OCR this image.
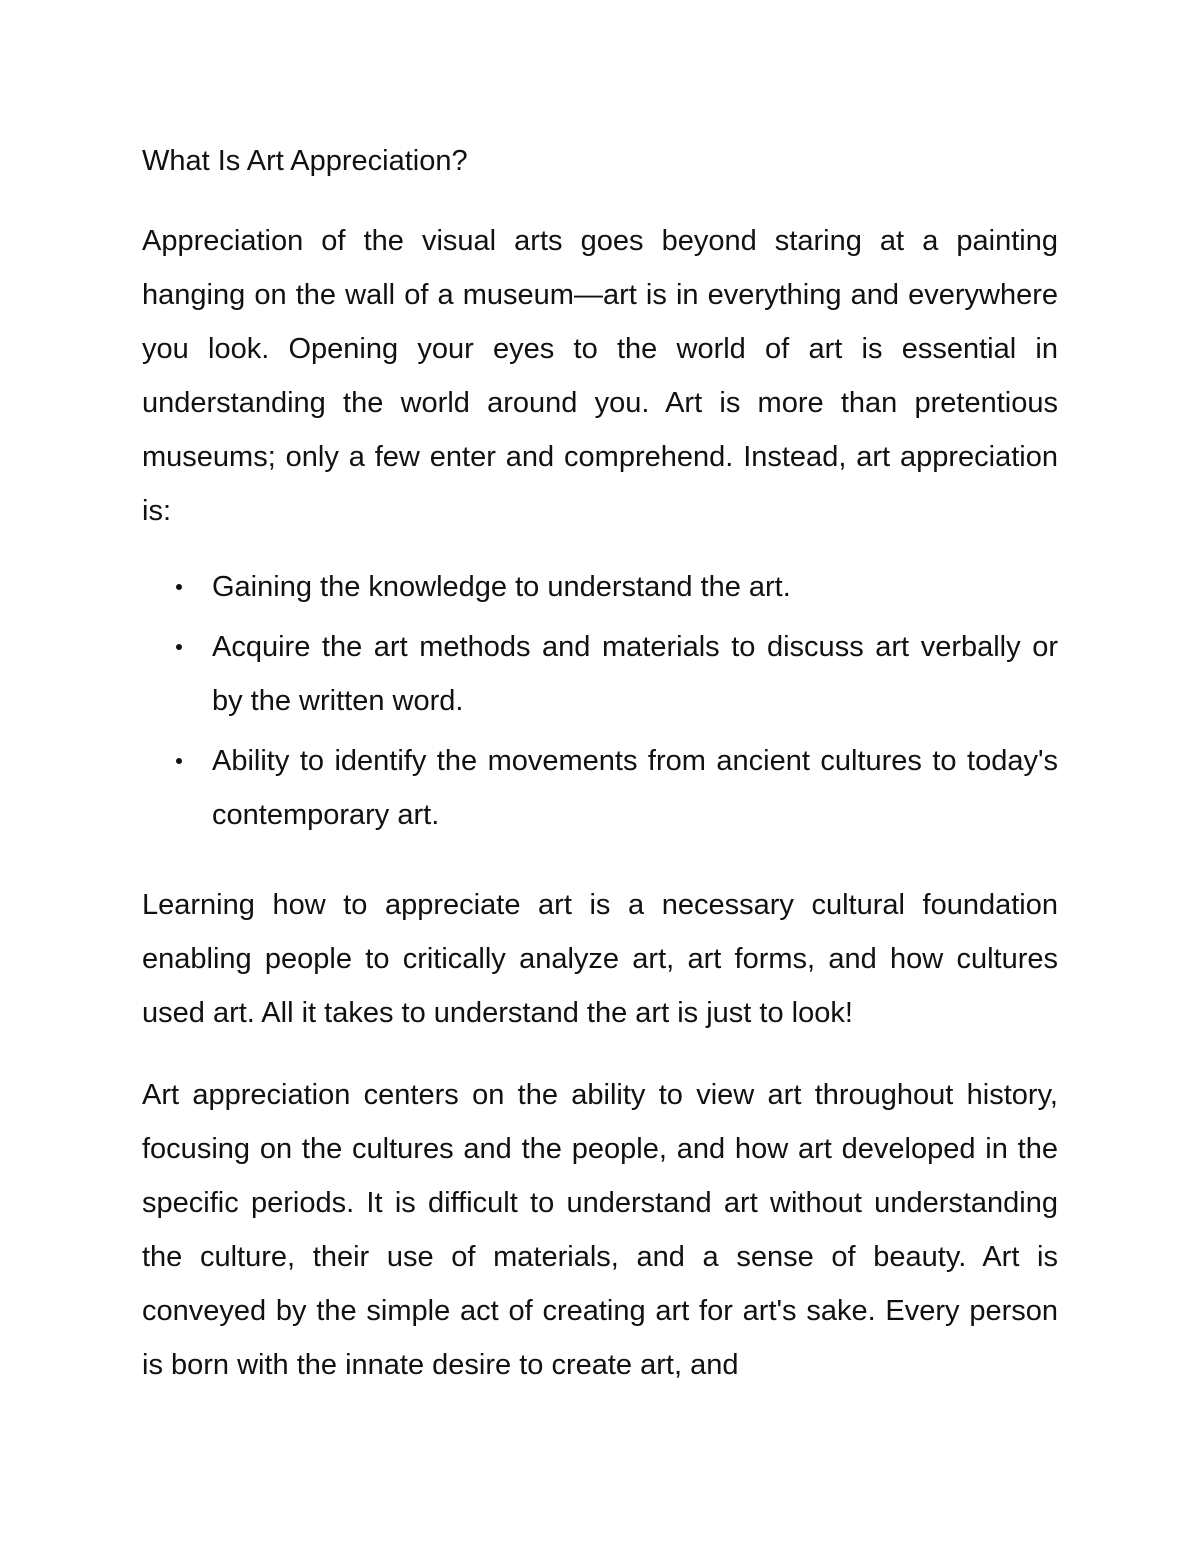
What Is Art Appreciation?

Appreciation of the visual arts goes beyond staring at a painting hanging on the wall of a museum—art is in everything and everywhere you look. Opening your eyes to the world of art is essential in understanding the world around you. Art is more than pretentious museums; only a few enter and comprehend. Instead, art appreciation is:

Gaining the knowledge to understand the art.
Acquire the art methods and materials to discuss art verbally or by the written word.
Ability to identify the movements from ancient cultures to today's contemporary art.

Learning how to appreciate art is a necessary cultural foundation enabling people to critically analyze art, art forms, and how cultures used art. All it takes to understand the art is just to look!

Art appreciation centers on the ability to view art throughout history, focusing on the cultures and the people, and how art developed in the specific periods. It is difficult to understand art without understanding the culture, their use of materials, and a sense of beauty. Art is conveyed by the simple act of creating art for art's sake. Every person is born with the innate desire to create art, and
